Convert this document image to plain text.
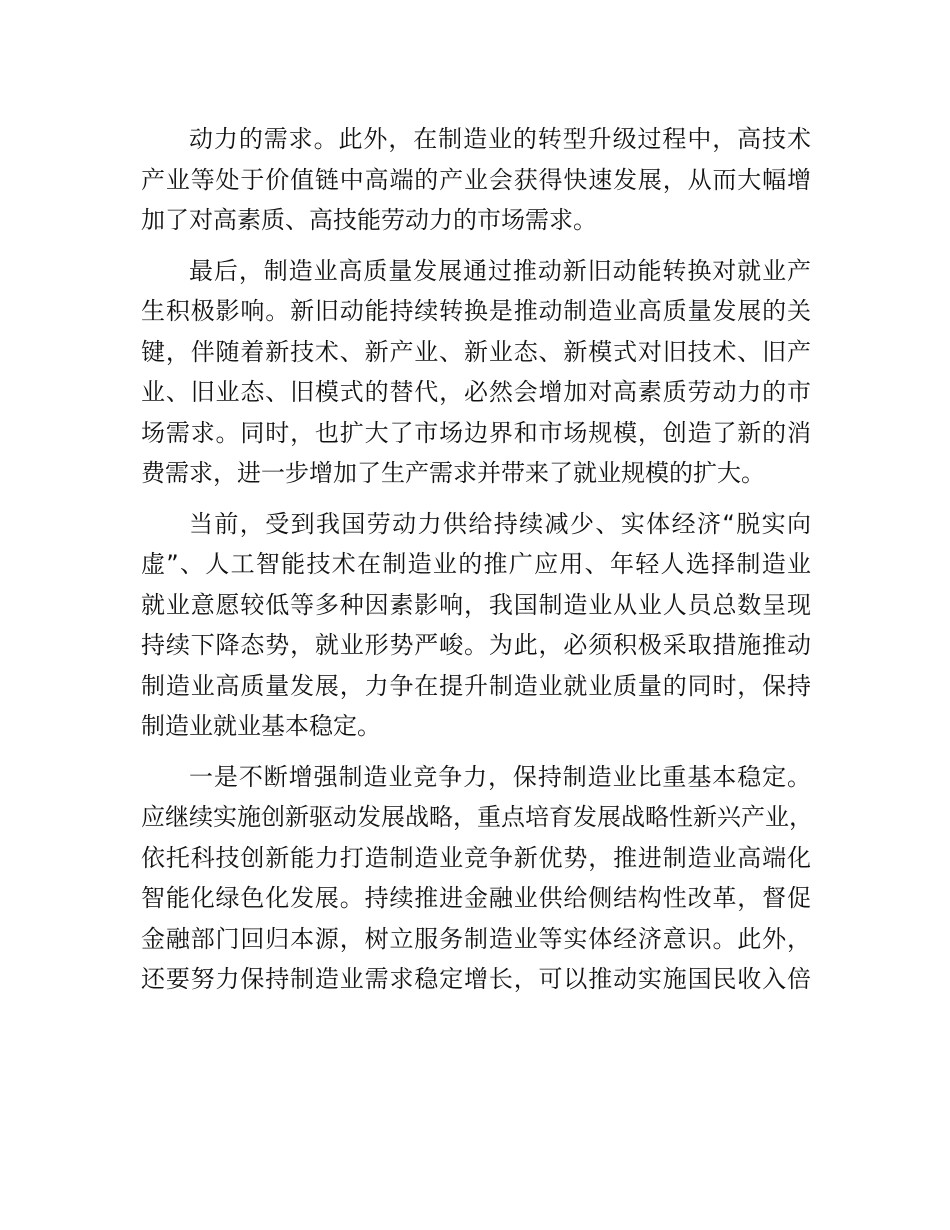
动力的需求。此外，在制造业的转型升级过程中，高技术
产业等处于价值链中高端的产业会获得快速发展，从而大幅增
加了对高素质、高技能劳动力的市场需求。
最后，制造业高质量发展通过推动新旧动能转换对就业产
生积极影响。新旧动能持续转换是推动制造业高质量发展的关
键，伴随着新技术、新产业、新业态、新模式对旧技术、旧产
业、旧业态、旧模式的替代，必然会增加对高素质劳动力的市
场需求。同时，也扩大了市场边界和市场规模，创造了新的消
费需求，进一步增加了生产需求并带来了就业规模的扩大。
当前，受到我国劳动力供给持续减少、实体经济“脱实向
虚”、人工智能技术在制造业的推广应用、年轻人选择制造业
就业意愿较低等多种因素影响，我国制造业从业人员总数呈现
持续下降态势，就业形势严峻。为此，必须积极采取措施推动
制造业高质量发展，力争在提升制造业就业质量的同时，保持
制造业就业基本稳定。
一是不断增强制造业竞争力，保持制造业比重基本稳定。
应继续实施创新驱动发展战略，重点培育发展战略性新兴产业，
依托科技创新能力打造制造业竞争新优势，推进制造业高端化
智能化绿色化发展。持续推进金融业供给侧结构性改革，督促
金融部门回归本源，树立服务制造业等实体经济意识。此外，
还要努力保持制造业需求稳定增长，可以推动实施国民收入倍
